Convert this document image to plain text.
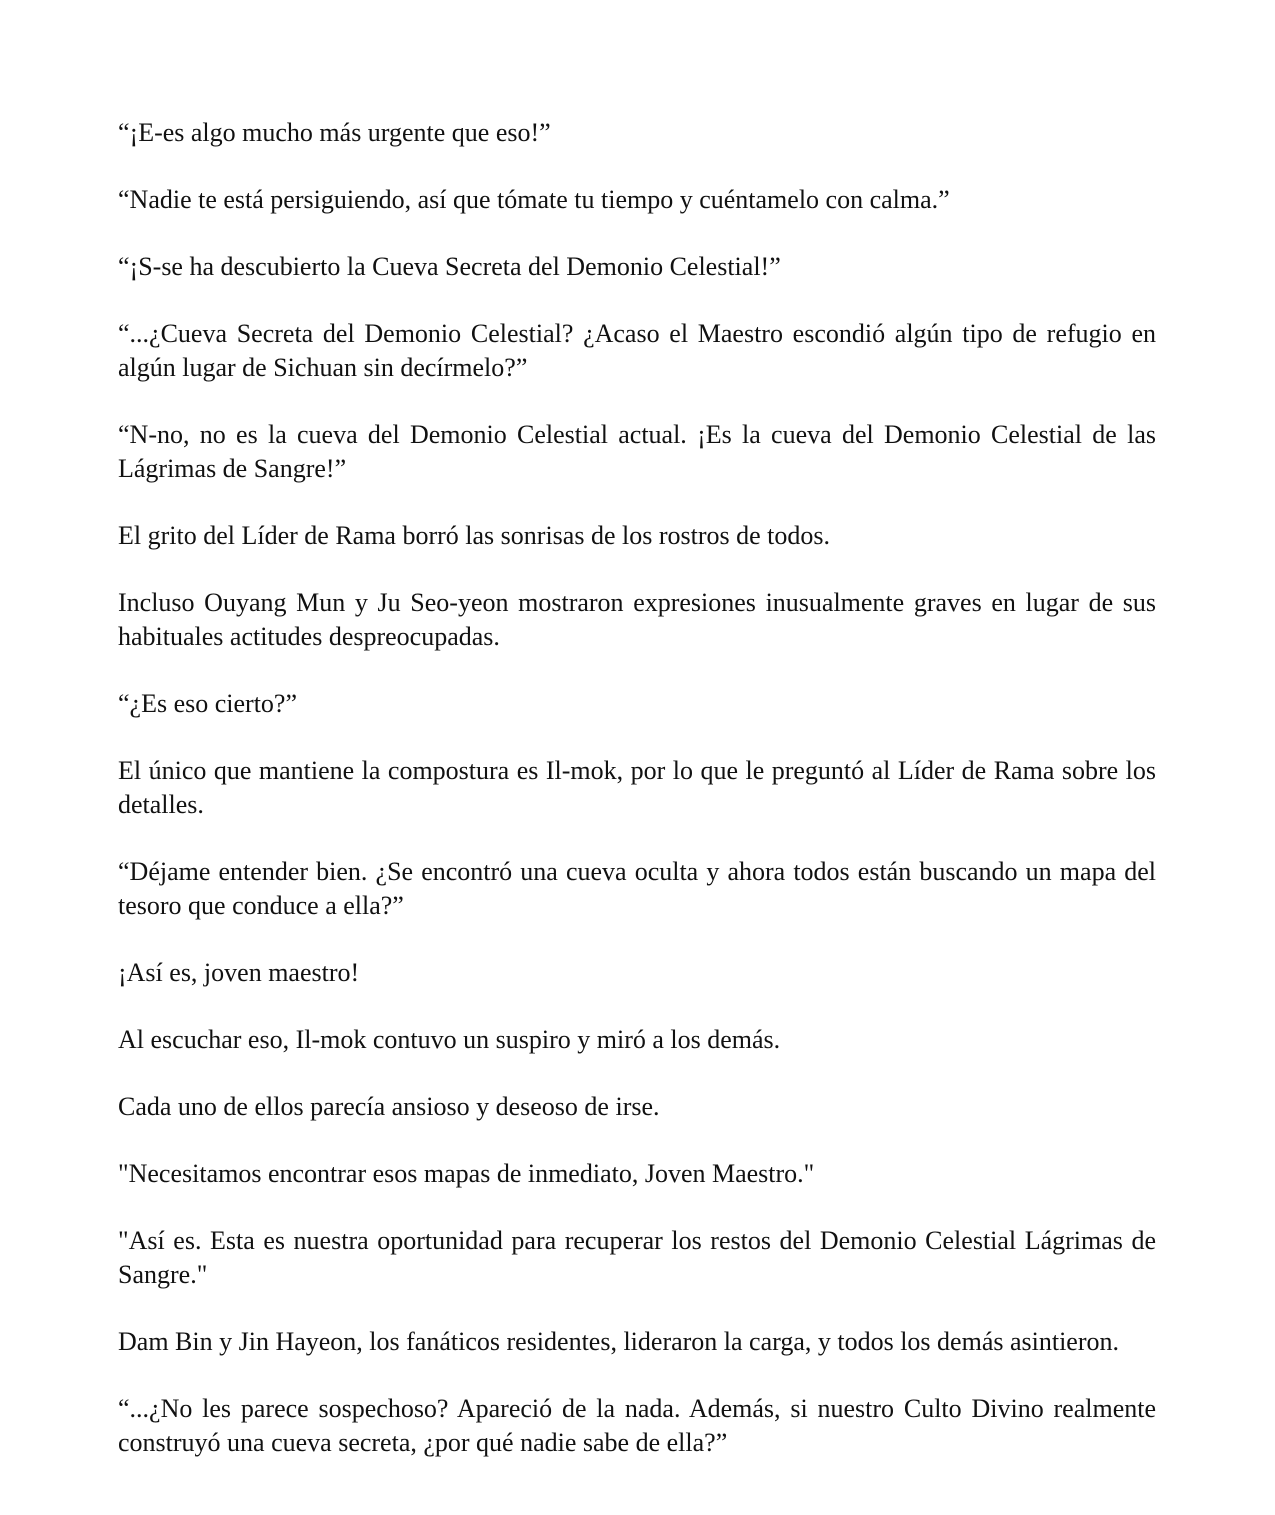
“¡E-es algo mucho más urgente que eso!”

“Nadie te está persiguiendo, así que tómate tu tiempo y cuéntamelo con calma.”

“¡S-se ha descubierto la Cueva Secreta del Demonio Celestial!”

“...¿Cueva Secreta del Demonio Celestial? ¿Acaso el Maestro escondió algún tipo de refugio en algún lugar de Sichuan sin decírmelo?”

“N-no, no es la cueva del Demonio Celestial actual. ¡Es la cueva del Demonio Celestial de las Lágrimas de Sangre!”

El grito del Líder de Rama borró las sonrisas de los rostros de todos.

Incluso Ouyang Mun y Ju Seo-yeon mostraron expresiones inusualmente graves en lugar de sus habituales actitudes despreocupadas.

“¿Es eso cierto?”

El único que mantiene la compostura es Il-mok, por lo que le preguntó al Líder de Rama sobre los detalles.

“Déjame entender bien. ¿Se encontró una cueva oculta y ahora todos están buscando un mapa del tesoro que conduce a ella?”

¡Así es, joven maestro!

Al escuchar eso, Il-mok contuvo un suspiro y miró a los demás.

Cada uno de ellos parecía ansioso y deseoso de irse.

"Necesitamos encontrar esos mapas de inmediato, Joven Maestro."

"Así es. Esta es nuestra oportunidad para recuperar los restos del Demonio Celestial Lágrimas de Sangre."

Dam Bin y Jin Hayeon, los fanáticos residentes, lideraron la carga, y todos los demás asintieron.

“...¿No les parece sospechoso? Apareció de la nada. Además, si nuestro Culto Divino realmente construyó una cueva secreta, ¿por qué nadie sabe de ella?”
